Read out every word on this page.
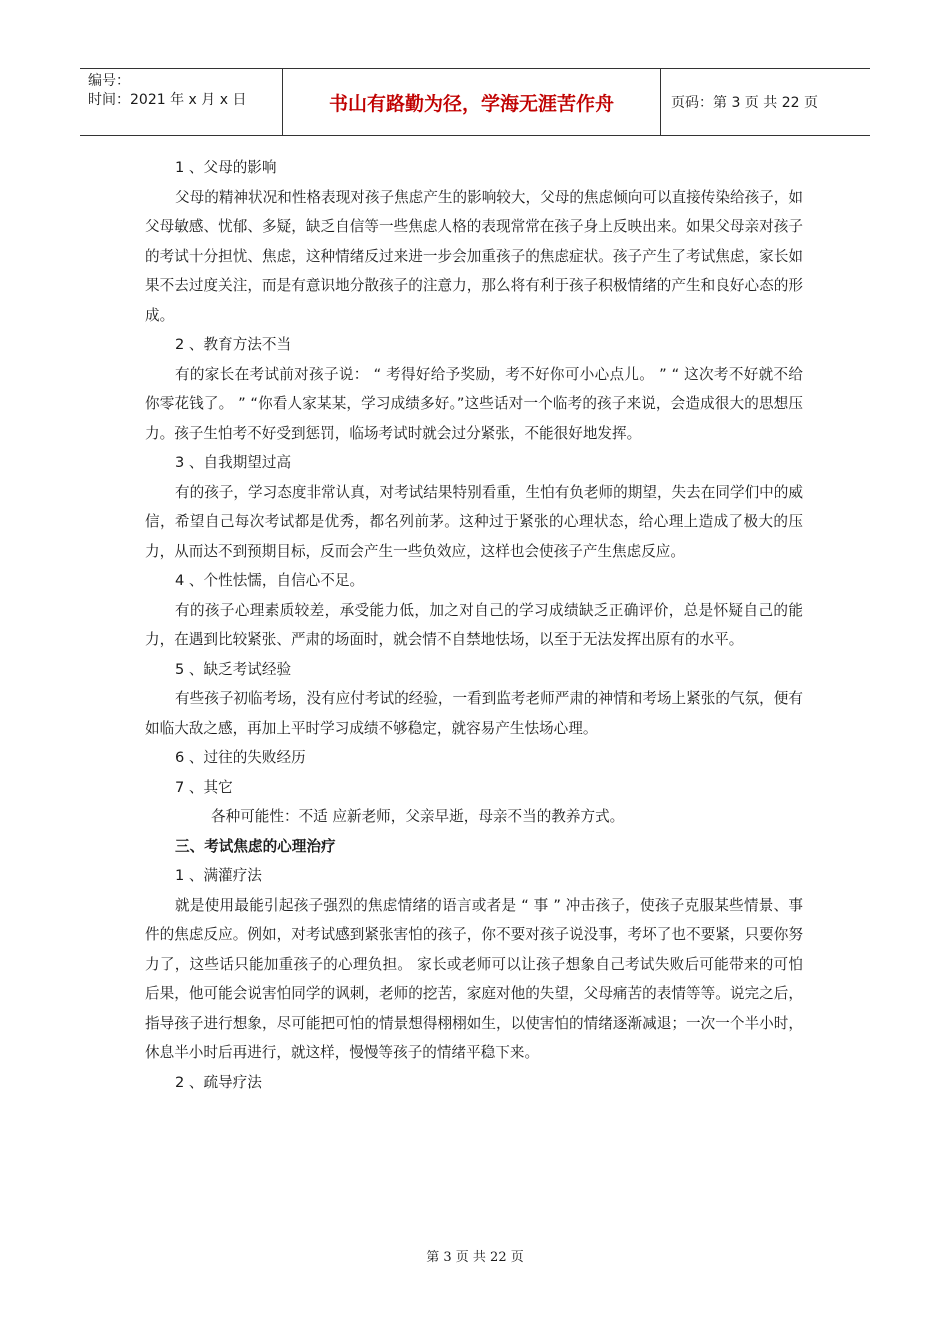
编号：
时间：2021 年 x 月 x 日	书山有路勤为径，学海无涯苦作舟	页码：第 3 页 共 22 页

1 、父母的影响

父母的精神状况和性格表现对孩子焦虑产生的影响较大，父母的焦虑倾向可以直接传染给孩子，如父母敏感、忧郁、多疑，缺乏自信等一些焦虑人格的表现常常在孩子身上反映出来。如果父母亲对孩子的考试十分担忧、焦虑，这种情绪反过来进一步会加重孩子的焦虑症状。孩子产生了考试焦虑，家长如果不去过度关注，而是有意识地分散孩子的注意力，那么将有利于孩子积极情绪的产生和良好心态的形成。

2 、教育方法不当

有的家长在考试前对孩子说： “ 考得好给予奖励，考不好你可小心点儿。 ” “ 这次考不好就不给你零花钱了。 ” “你看人家某某，学习成绩多好。”这些话对一个临考的孩子来说，会造成很大的思想压力。孩子生怕考不好受到惩罚，临场考试时就会过分紧张，不能很好地发挥。

3 、自我期望过高

有的孩子，学习态度非常认真，对考试结果特别看重，生怕有负老师的期望，失去在同学们中的威信，希望自己每次考试都是优秀，都名列前茅。这种过于紧张的心理状态，给心理上造成了极大的压力，从而达不到预期目标，反而会产生一些负效应，这样也会使孩子产生焦虑反应。

4 、个性怯懦，自信心不足。

有的孩子心理素质较差，承受能力低，加之对自己的学习成绩缺乏正确评价，总是怀疑自己的能力，在遇到比较紧张、严肃的场面时，就会情不自禁地怯场，以至于无法发挥出原有的水平。

5 、缺乏考试经验

有些孩子初临考场，没有应付考试的经验，一看到监考老师严肃的神情和考场上紧张的气氛，便有如临大敌之感，再加上平时学习成绩不够稳定，就容易产生怯场心理。

6 、过往的失败经历

7 、其它

各种可能性：不适 应新老师，父亲早逝，母亲不当的教养方式。

三、考试焦虑的心理治疗

1 、满灌疗法

就是使用最能引起孩子强烈的焦虑情绪的语言或者是 “ 事 ” 冲击孩子，使孩子克服某些情景、事件的焦虑反应。例如，对考试感到紧张害怕的孩子，你不要对孩子说没事，考坏了也不要紧，只要你努力了，这些话只能加重孩子的心理负担。 家长或老师可以让孩子想象自己考试失败后可能带来的可怕后果，他可能会说害怕同学的讽刺，老师的挖苦，家庭对他的失望，父母痛苦的表情等等。说完之后，指导孩子进行想象，尽可能把可怕的情景想得栩栩如生，以使害怕的情绪逐渐减退；一次一个半小时，休息半小时后再进行，就这样，慢慢等孩子的情绪平稳下来。

2 、疏导疗法

第 3 页 共 22 页
